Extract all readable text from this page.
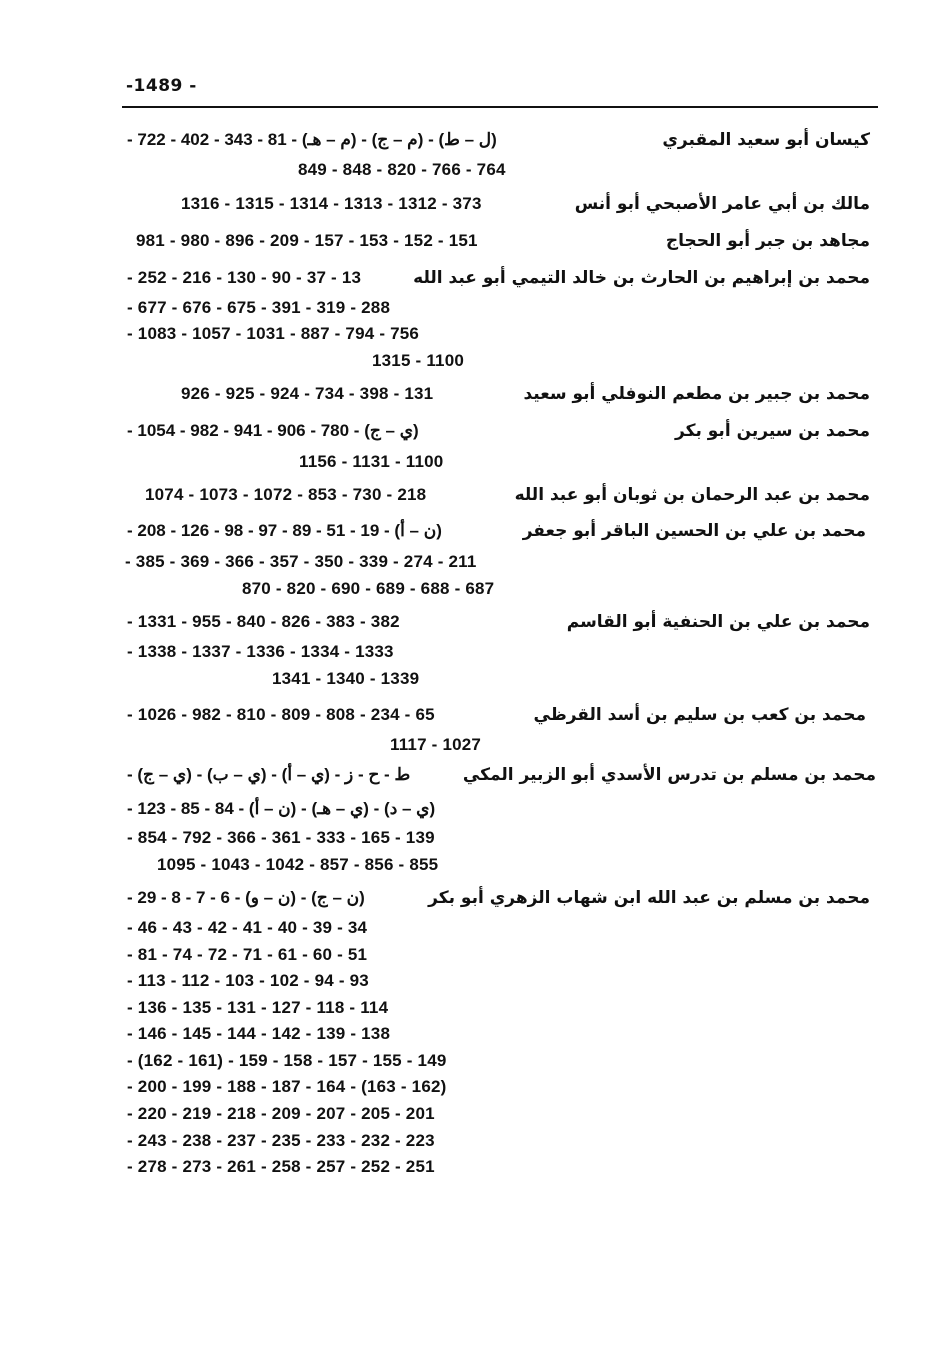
-1489 -
كيسان أبو سعيد المقبري
- 722 - 402 - 343 - 81 - (م – هـ) - (م – ج) - (ل – ط)
849 - 848 - 820 - 766 - 764
مالك بن أبي عامر الأصبحي أبو أنس
1316 - 1315 - 1314 - 1313 - 1312 - 373
مجاهد بن جبر أبو الحجاج
981 - 980 - 896 - 209 - 157 - 153 - 152 - 151
محمد بن إبراهيم بن الحارث بن خالد التيمي أبو عبد الله
- 252 - 216 - 130 - 90 - 37 - 13
- 677 - 676 - 675 - 391 - 319 - 288
- 1083 - 1057 - 1031 - 887 - 794 - 756
1315 - 1100
محمد بن جبير بن مطعم النوفلي أبو سعيد
926 - 925 - 924 - 734 - 398 - 131
محمد بن سيرين أبو بكر
- 1054 - 982 - 941 - 906 - 780 - (ي – ج)
1156 - 1131 - 1100
محمد بن عبد الرحمان بن ثوبان أبو عبد الله
1074 - 1073 - 1072 - 853 - 730 - 218
محمد بن علي بن الحسين الباقر أبو جعفر
- 208 - 126 - 98 - 97 - 89 - 51 - 19 - (ن – أ)
- 385 - 369 - 366 - 357 - 350 - 339 - 274 - 211
870 - 820 - 690 - 689 - 688 - 687
محمد بن علي بن الحنفية أبو القاسم
- 1331 - 955 - 840 - 826 - 383 - 382
- 1338 - 1337 - 1336 - 1334 - 1333
1341 - 1340 - 1339
محمد بن كعب بن سليم بن أسد القرظي
- 1026 - 982 - 810 - 809 - 808 - 234 - 65
1117 - 1027
محمد بن مسلم بن تدرس الأسدي أبو الزبير المكي
- (ي – ج) - (ي – ب) - (ي – أ) - ط - ح - ز
- 123 - 85 - 84 - (ن – أ) - (ي – هـ) - (ي – د)
- 854 - 792 - 366 - 361 - 333 - 165 - 139
1095 - 1043 - 1042 - 857 - 856 - 855
محمد بن مسلم بن عبد الله ابن شهاب الزهري أبو بكر
- 29 - 8 - 7 - 6 - (ن – و) - (ن – ج)
- 46 - 43 - 42 - 41 - 40 - 39 - 34
- 81 - 74 - 72 - 71 - 61 - 60 - 51
- 113 - 112 - 103 - 102 - 94 - 93
- 136 - 135 - 131 - 127 - 118 - 114
- 146 - 145 - 144 - 142 - 139 - 138
- (162 - 161) - 159 - 158 - 157 - 155 - 149
- 200 - 199 - 188 - 187 - 164 - (163 - 162)
- 220 - 219 - 218 - 209 - 207 - 205 - 201
- 243 - 238 - 237 - 235 - 233 - 232 - 223
- 278 - 273 - 261 - 258 - 257 - 252 - 251
